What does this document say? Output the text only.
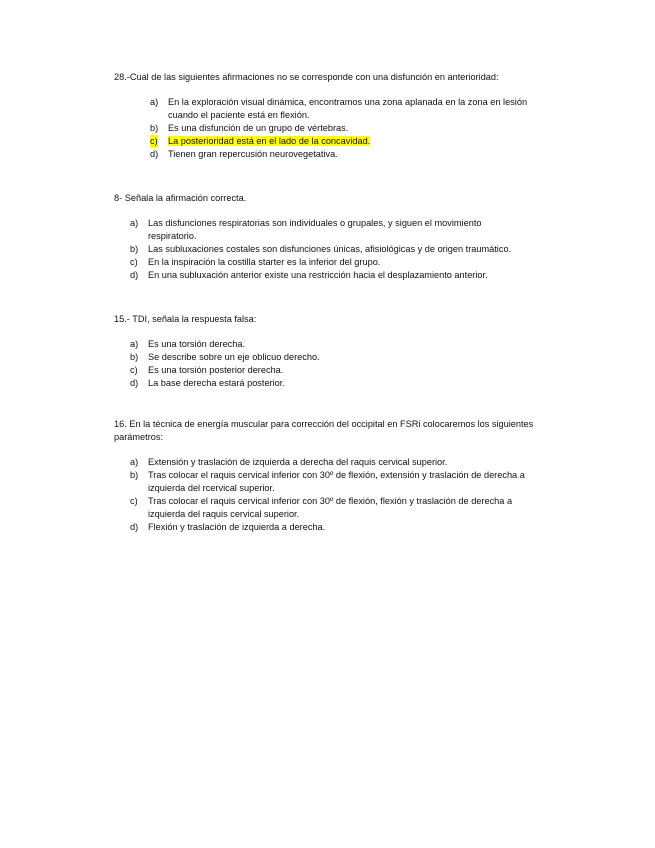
28.-Cual de las siguientes afirmaciones no se corresponde con una disfunción en anterioridad:

a) En la exploración visual dinámica, encontramos una zona aplanada en la zona en lesión cuando el paciente está en flexión.
b) Es una disfunción de un grupo de vértebras.
c) La posterioridad está en el lado de la concavidad.
d) Tienen gran repercusión neurovegetativa.

8- Señala la afirmación correcta.

a) Las disfunciones respiratorias son individuales o grupales, y siguen el movimiento respiratorio.
b) Las subluxaciones costales son disfunciones únicas, afisiológicas y de origen traumático.
c) En la inspiración la costilla starter es la inferior del grupo.
d) En una subluxación anterior existe una restricción hacia el desplazamiento anterior.

15.- TDI, señala la respuesta falsa:

a) Es una torsión derecha.
b) Se describe sobre un eje oblicuo derecho.
c) Es una torsión posterior derecha.
d) La base derecha estará posterior.

16. En la técnica de energía muscular para corrección del occipital en FSRi colocaremos los siguientes parámetros:

a) Extensión y traslación de izquierda a derecha del raquis cervical superior.
b) Tras colocar el raquis cervical inferior con 30º de flexión, extensión y traslación de derecha a izquierda del rcervical superior.
c) Tras colocar el raquis cervical inferior con 30º de flexión, flexión y traslación de derecha a izquierda del raquis cervical superior.
d) Flexión y traslación de izquierda a derecha.
